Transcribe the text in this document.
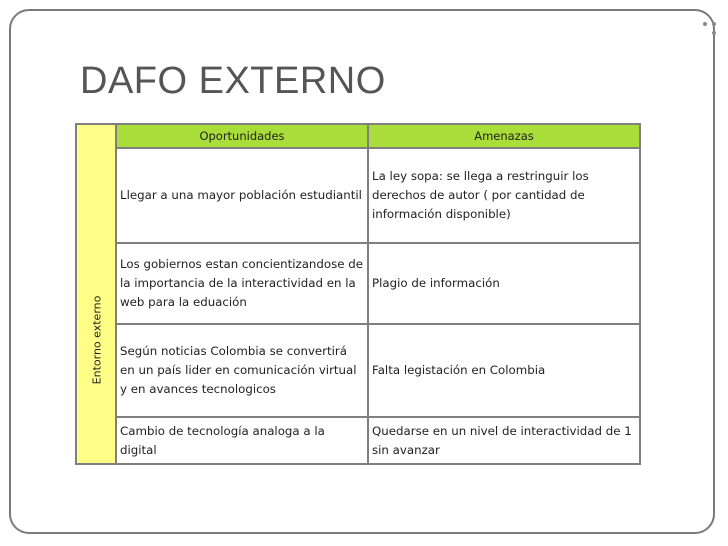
DAFO EXTERNO
Entorno externo
Oportunidades	Amenazas
Llegar a una mayor población estudiantil	La ley sopa: se llega a restringuir los derechos de autor ( por cantidad de información disponible)
Los gobiernos estan concientizandose de la importancia de la interactividad en la web para la eduación	Plagio de información
Según noticias Colombia se convertirá en un país lider en comunicación virtual y en avances tecnologicos	Falta legistación en Colombia
Cambio de tecnología analoga a la digital	Quedarse en un nivel de interactividad de 1 sin avanzar
